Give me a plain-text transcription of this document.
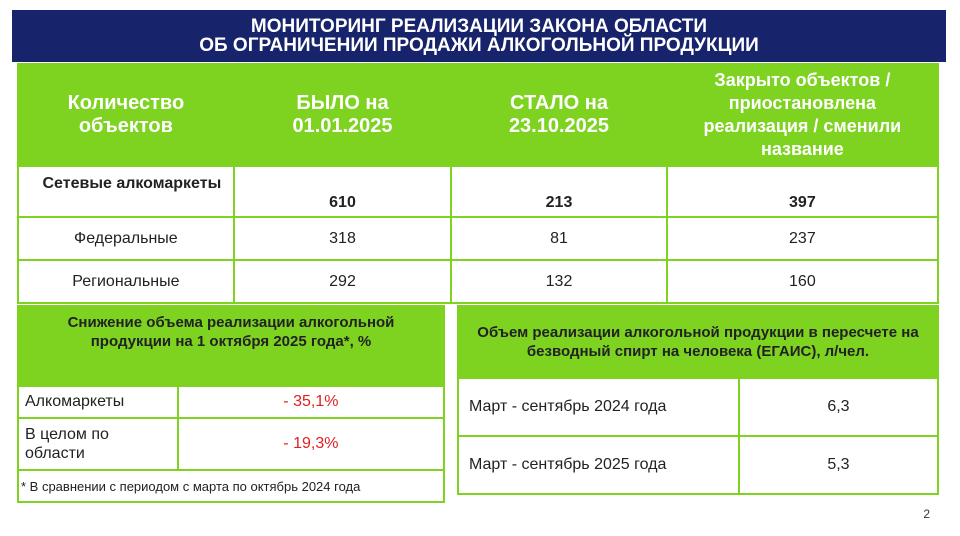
МОНИТОРИНГ РЕАЛИЗАЦИИ ЗАКОНА ОБЛАСТИ
ОБ ОГРАНИЧЕНИИ ПРОДАЖИ АЛКОГОЛЬНОЙ ПРОДУКЦИИ
Количество объектов	БЫЛО на 01.01.2025	СТАЛО на 23.10.2025	Закрыто объектов / приостановлена реализация / сменили название
Сетевые алкомаркеты	610	213	397
Федеральные	318	81	237
Региональные	292	132	160
Снижение объема реализации алкогольной продукции на 1 октября 2025 года*, %	
Алкомаркеты	- 35,1%
В целом по области	- 19,3%
* В сравнении с периодом с марта по октябрь 2024 года	
Объем реализации алкогольной продукции в пересчете на безводный спирт на человека (ЕГАИС), л/чел.	
Март - сентябрь 2024 года	6,3
Март - сентябрь 2025 года	5,3
2
